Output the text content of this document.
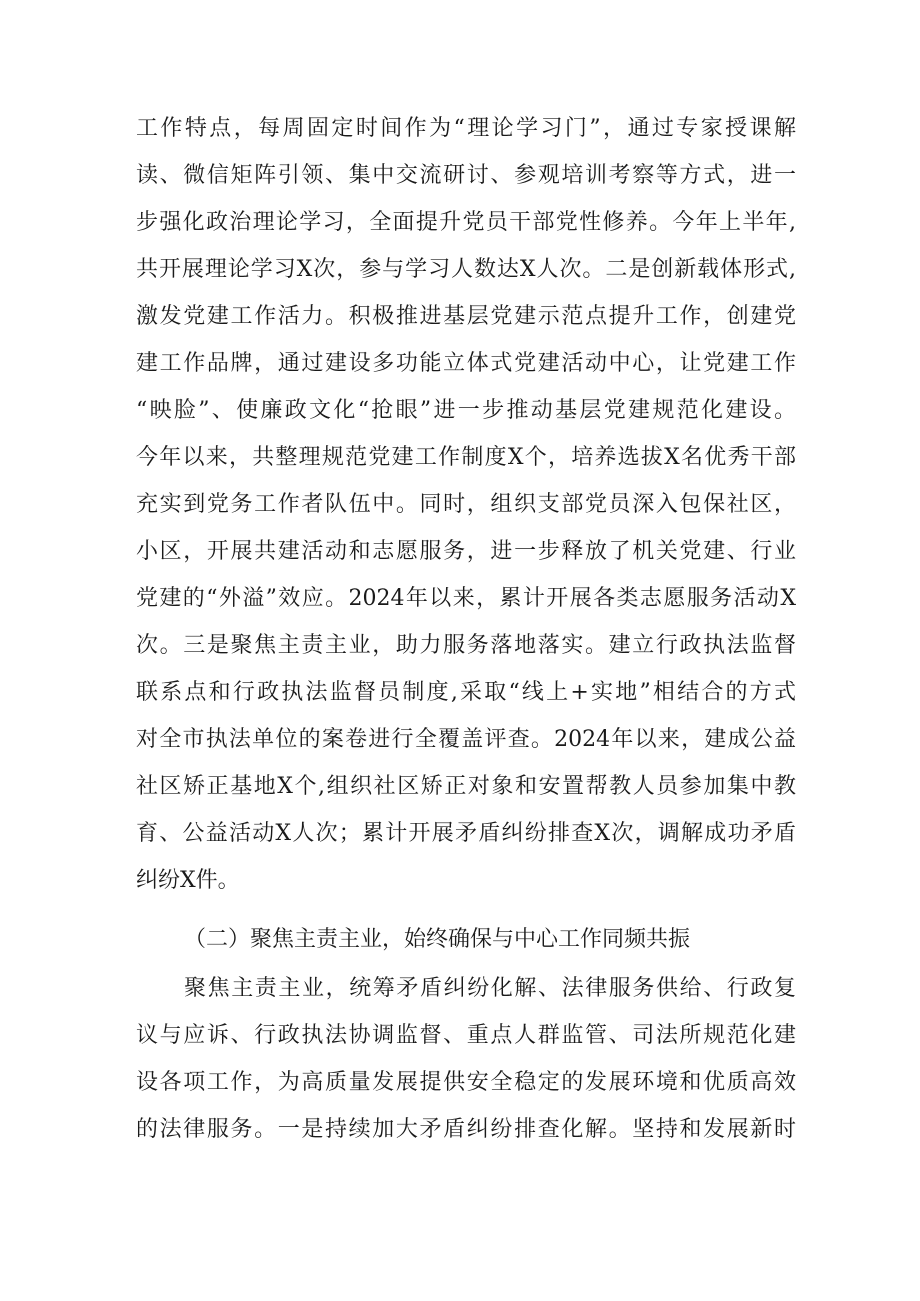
工作特点，每周固定时间作为“理论学习门”，通过专家授课解
读、微信矩阵引领、集中交流研讨、参观培训考察等方式，进一
步强化政治理论学习，全面提升党员干部党性修养。今年上半年,
共开展理论学习X次，参与学习人数达X人次。二是创新载体形式,
激发党建工作活力。积极推进基层党建示范点提升工作，创建党
建工作品牌，通过建设多功能立体式党建活动中心，让党建工作
“映脸”、使廉政文化“抢眼”进一步推动基层党建规范化建设。
今年以来，共整理规范党建工作制度X个，培养选拔X名优秀干部
充实到党务工作者队伍中。同时，组织支部党员深入包保社区，
小区，开展共建活动和志愿服务，进一步释放了机关党建、行业
党建的“外溢”效应。2024年以来，累计开展各类志愿服务活动X
次。三是聚焦主责主业，助力服务落地落实。建立行政执法监督
联系点和行政执法监督员制度,采取“线上+实地”相结合的方式
对全市执法单位的案卷进行全覆盖评查。2024年以来，建成公益
社区矫正基地X个,组织社区矫正对象和安置帮教人员参加集中教
育、公益活动X人次；累计开展矛盾纠纷排查X次，调解成功矛盾
纠纷X件。
（二）聚焦主责主业，始终确保与中心工作同频共振
聚焦主责主业，统筹矛盾纠纷化解、法律服务供给、行政复
议与应诉、行政执法协调监督、重点人群监管、司法所规范化建
设各项工作，为高质量发展提供安全稳定的发展环境和优质高效
的法律服务。一是持续加大矛盾纠纷排查化解。坚持和发展新时
